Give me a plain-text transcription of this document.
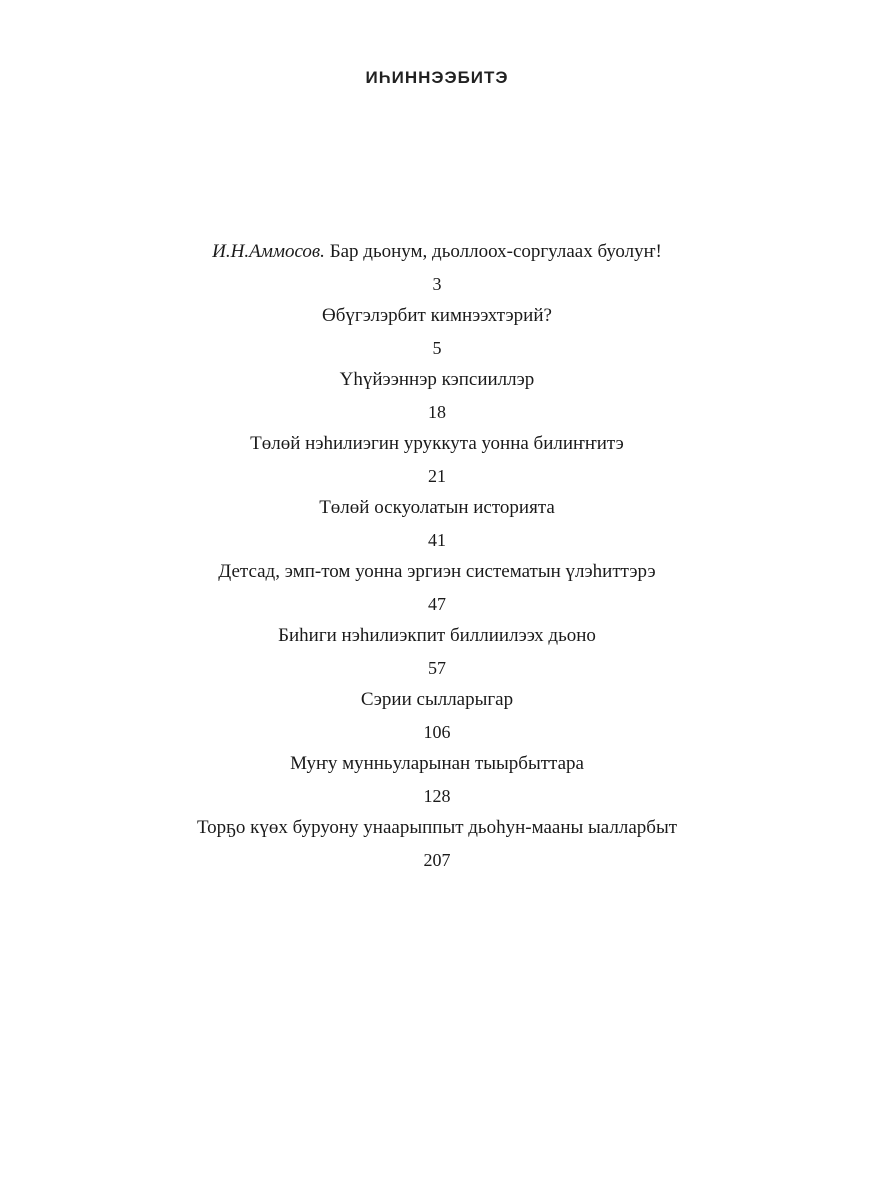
ИҺИННЭЭБИТЭ
И.Н.Аммосов. Бар дьонум, дьоллоох-соргулаах буолуҥ!
3
Өбүгэлэрбит кимнээхтэрий?
5
Үһүйээннэр кэпсииллэр
18
Төлөй нэһилиэгин уруккута уонна билиҥҥитэ
21
Төлөй оскуолатын историята
41
Детсад, эмп-том уонна эргиэн систематын үлэһиттэрэ
47
Биһиги нэһилиэкпит биллиилээх дьоно
57
Сэрии сылларыгар
106
Муҥу мунньуларынан тыырбыттара
128
Торҕо күөх буруону унаарыппыт дьоһун-мааны ыалларбыт
207
